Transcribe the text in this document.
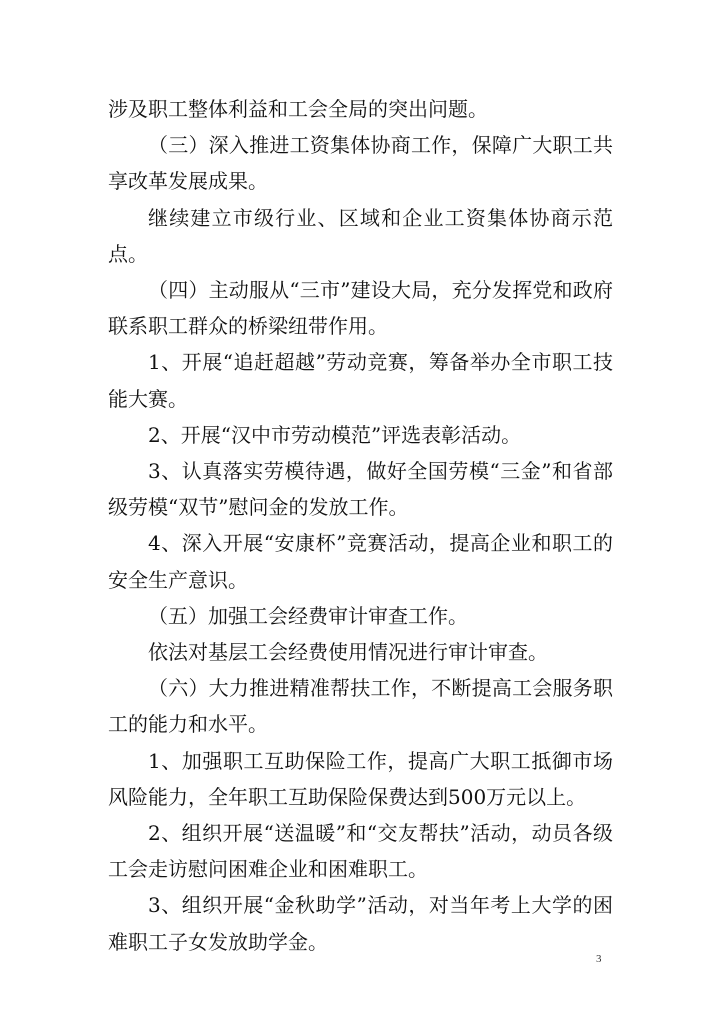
涉及职工整体利益和工会全局的突出问题。

（三）深入推进工资集体协商工作，保障广大职工共享改革发展成果。

继续建立市级行业、区域和企业工资集体协商示范点。

（四）主动服从“三市”建设大局，充分发挥党和政府联系职工群众的桥梁纽带作用。

1、开展“追赶超越”劳动竞赛，筹备举办全市职工技能大赛。

2、开展“汉中市劳动模范”评选表彰活动。

3、认真落实劳模待遇，做好全国劳模“三金”和省部级劳模“双节”慰问金的发放工作。

4、深入开展“安康杯”竞赛活动，提高企业和职工的安全生产意识。

（五）加强工会经费审计审查工作。

依法对基层工会经费使用情况进行审计审查。

（六）大力推进精准帮扶工作，不断提高工会服务职工的能力和水平。

1、加强职工互助保险工作，提高广大职工抵御市场风险能力，全年职工互助保险保费达到500万元以上。

2、组织开展“送温暖”和“交友帮扶”活动，动员各级工会走访慰问困难企业和困难职工。

3、组织开展“金秋助学”活动，对当年考上大学的困难职工子女发放助学金。

3
